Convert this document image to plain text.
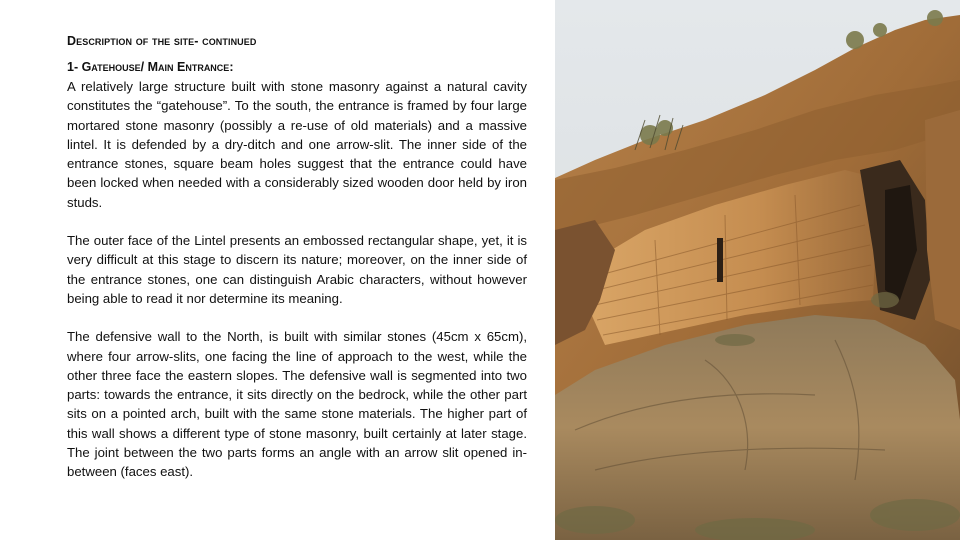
Description of the site- continued
1- Gatehouse/ Main Entrance:

A relatively large structure built with stone masonry against a natural cavity constitutes the “gatehouse”. To the south, the entrance is framed by four large mortared stone masonry (possibly a re-use of old materials) and a massive lintel. It is defended by a dry-ditch and one arrow-slit. The inner side of the entrance stones, square beam holes suggest that the entrance could have been locked when needed with a considerably sized wooden door held by iron studs.

The outer face of the Lintel presents an embossed rectangular shape, yet, it is very difficult at this stage to discern its nature; moreover, on the inner side of the entrance stones, one can distinguish Arabic characters, without however being able to read it nor determine its meaning.

The defensive wall to the North, is built with similar stones (45cm x 65cm), where four arrow-slits, one facing the line of approach to the west, while the other three face the eastern slopes. The defensive wall is segmented into two parts: towards the entrance, it sits directly on the bedrock, while the other part sits on a pointed arch, built with the same stone materials. The higher part of this wall shows a different type of stone masonry, built certainly at later stage. The joint between the two parts forms an angle with an arrow slit opened in-between (faces east).
